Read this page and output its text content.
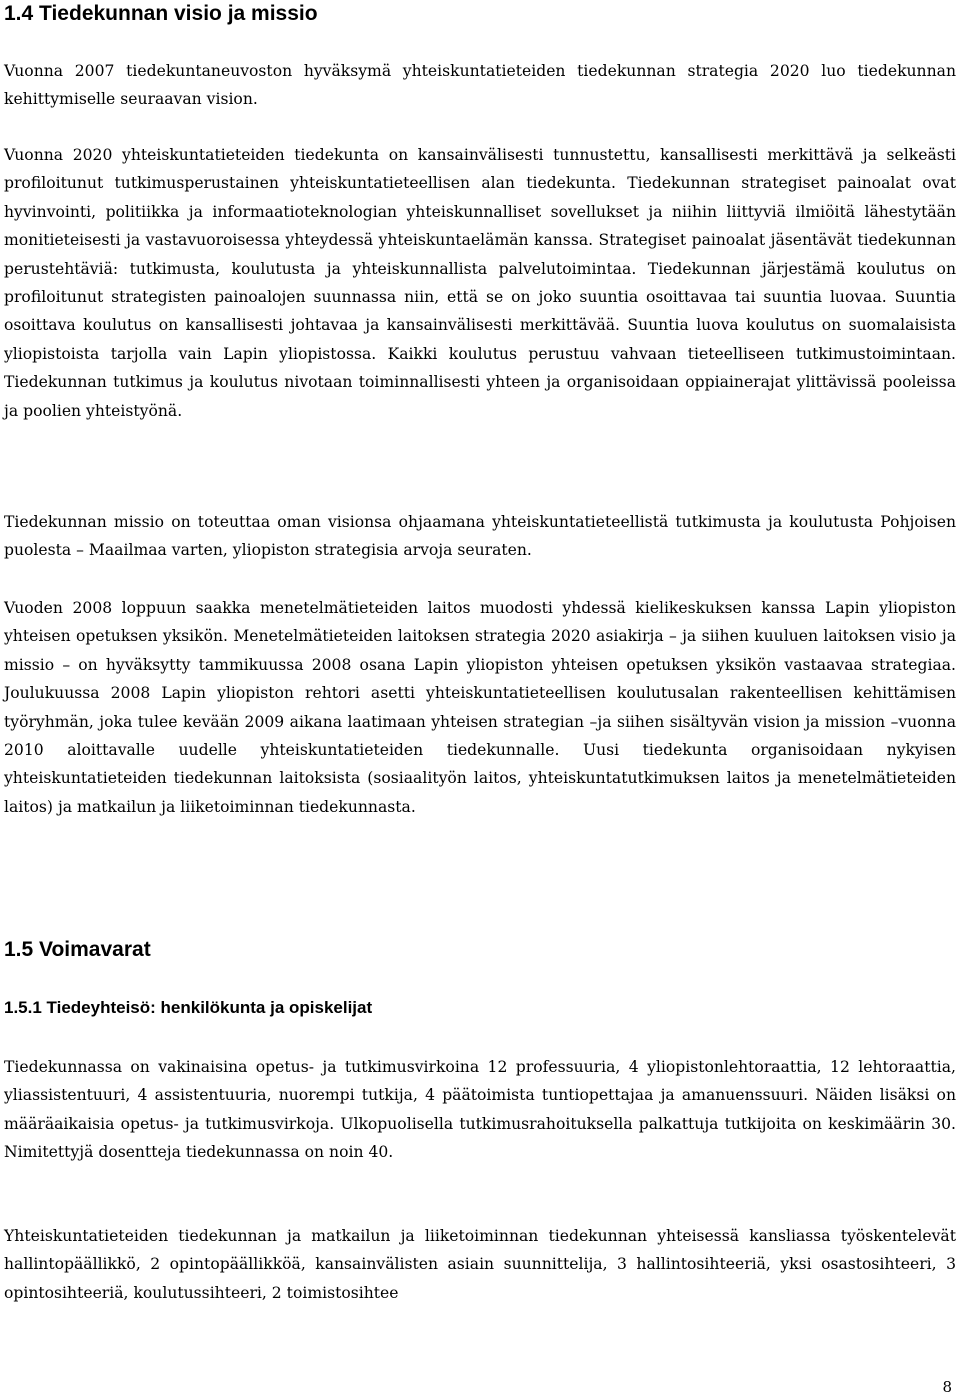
1.4 Tiedekunnan visio ja missio

Vuonna 2007 tiedekuntaneuvoston hyväksymä yhteiskuntatieteiden tiedekunnan strategia 2020 luo tiedekunnan kehittymiselle seuraavan vision.

Vuonna 2020 yhteiskuntatieteiden tiedekunta on kansainvälisesti tunnustettu, kansallisesti merkittävä ja selkeästi profiloitunut tutkimusperustainen yhteiskuntatieteellisen alan tiedekunta. Tiedekunnan strategiset painoalat ovat hyvinvointi, politiikka ja informaatioteknologian yhteiskunnalliset sovellukset ja niihin liittyviä ilmiöitä lähestytään monitieteisesti ja vastavuoroisessa yhteydessä yhteiskuntaelämän kanssa. Strategiset painoalat jäsentävät tiedekunnan perustehtäviä: tutkimusta, koulutusta ja yhteiskunnallista palvelutoimintaa. Tiedekunnan järjestämä koulutus on profiloitunut strategisten painoalojen suunnassa niin, että se on joko suuntia osoittavaa tai suuntia luovaa. Suuntia osoittava koulutus on kansallisesti johtavaa ja kansainvälisesti merkittävää. Suuntia luova koulutus on suomalaisista yliopistoista tarjolla vain Lapin yliopistossa. Kaikki koulutus perustuu vahvaan tieteelliseen tutkimustoimintaan. Tiedekunnan tutkimus ja koulutus nivotaan toiminnallisesti yhteen ja organisoidaan oppiainerajat ylittävissä pooleissa ja poolien yhteistyönä.

Tiedekunnan missio on toteuttaa oman visionsa ohjaamana yhteiskuntatieteellistä tutkimusta ja koulutusta Pohjoisen puolesta – Maailmaa varten, yliopiston strategisia arvoja seuraten.

Vuoden 2008 loppuun saakka menetelmätieteiden laitos muodosti yhdessä kielikeskuksen kanssa Lapin yliopiston yhteisen opetuksen yksikön. Menetelmätieteiden laitoksen strategia 2020 asiakirja – ja siihen kuuluen laitoksen visio ja missio – on hyväksytty tammikuussa 2008 osana Lapin yliopiston yhteisen opetuksen yksikön vastaavaa strategiaa. Joulukuussa 2008 Lapin yliopiston rehtori asetti yhteiskuntatieteellisen koulutusalan rakenteellisen kehittämisen työryhmän, joka tulee kevään 2009 aikana laatimaan yhteisen strategian –ja siihen sisältyvän vision ja mission –vuonna 2010 aloittavalle uudelle yhteiskuntatieteiden tiedekunnalle. Uusi tiedekunta organisoidaan nykyisen yhteiskuntatieteiden tiedekunnan laitoksista (sosiaalityön laitos, yhteiskuntatutkimuksen laitos ja menetelmätieteiden laitos) ja matkailun ja liiketoiminnan tiedekunnasta.

1.5 Voimavarat
1.5.1 Tiedeyhteisö: henkilökunta ja opiskelijat

Tiedekunnassa on vakinaisina opetus- ja tutkimusvirkoina 12 professuuria, 4 yliopistonlehtoraattia, 12 lehtoraattia, yliassistentuuri, 4 assistentuuria, nuorempi tutkija, 4 päätoimista tuntiopettajaa ja amanuenssuuri. Näiden lisäksi on määräaikaisia opetus- ja tutkimusvirkoja. Ulkopuolisella tutkimusrahoituksella palkattuja tutkijoita on keskimäärin 30. Nimitettyjä dosentteja tiedekunnassa on noin 40.

Yhteiskuntatieteiden tiedekunnan ja matkailun ja liiketoiminnan tiedekunnan yhteisessä kansliassa työskentelevät hallintopäällikkö, 2 opintopäällikköä, kansainvälisten asiain suunnittelija, 3 hallintosihteeriä, yksi osastosihteeri, 3 opintosihteeriä, koulutussihteeri, 2 toimistosihtee

8
